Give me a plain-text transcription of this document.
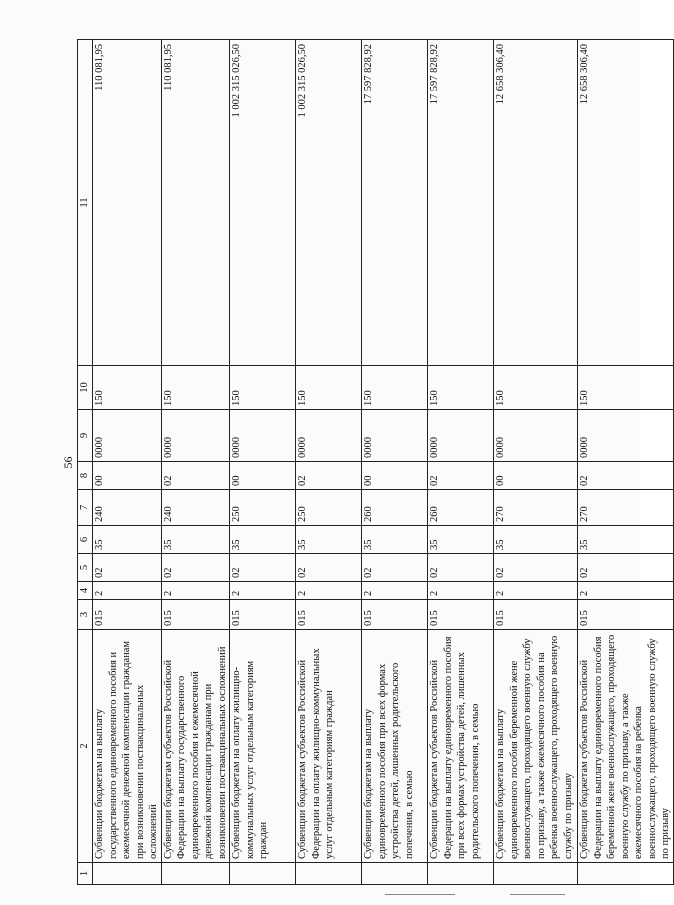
56
1	2	3	4	5	6	7	8	9	10	11
	Субвенции бюджетам на выплату государственного единовременного пособия и ежемесячной денежной компенсации гражданам при возникновении поствакцинальных осложнений	015	2	02	35	240	00	0000	150	110 081,95
	Субвенции бюджетам субъектов Российской Федерации на выплату государственного единовременного пособия и ежемесячной денежной компенсации гражданам при возникновении поствакцинальных осложнений	015	2	02	35	240	02	0000	150	110 081,95
	Субвенции бюджетам на оплату жилищно-коммунальных услуг отдельным категориям граждан	015	2	02	35	250	00	0000	150	1 002 315 026,50
	Субвенции бюджетам субъектов Российской Федерации на оплату жилищно-коммунальных услуг отдельным категориям граждан	015	2	02	35	250	02	0000	150	1 002 315 026,50
	Субвенции бюджетам на выплату единовременного пособия при всех формах устройства детей, лишенных родительского попечения, в семью	015	2	02	35	260	00	0000	150	17 597 828,92
	Субвенции бюджетам субъектов Российской Федерации на выплату единовременного пособия при всех формах устройства детей, лишенных родительского попечения, в семью	015	2	02	35	260	02	0000	150	17 597 828,92
	Субвенции бюджетам на выплату единовременного пособия беременной жене военнослужащего, проходящего военную службу по призыву, а также ежемесячного пособия на ребенка военнослужащего, проходящего военную службу по призыву	015	2	02	35	270	00	0000	150	12 658 306,40
	Субвенции бюджетам субъектов Российской Федерации на выплату единовременного пособия беременной жене военнослужащего, проходящего военную службу по призыву, а также ежемесячного пособия на ребенка военнослужащего, проходящего военную службу по призыву	015	2	02	35	270	02	0000	150	12 658 306,40
